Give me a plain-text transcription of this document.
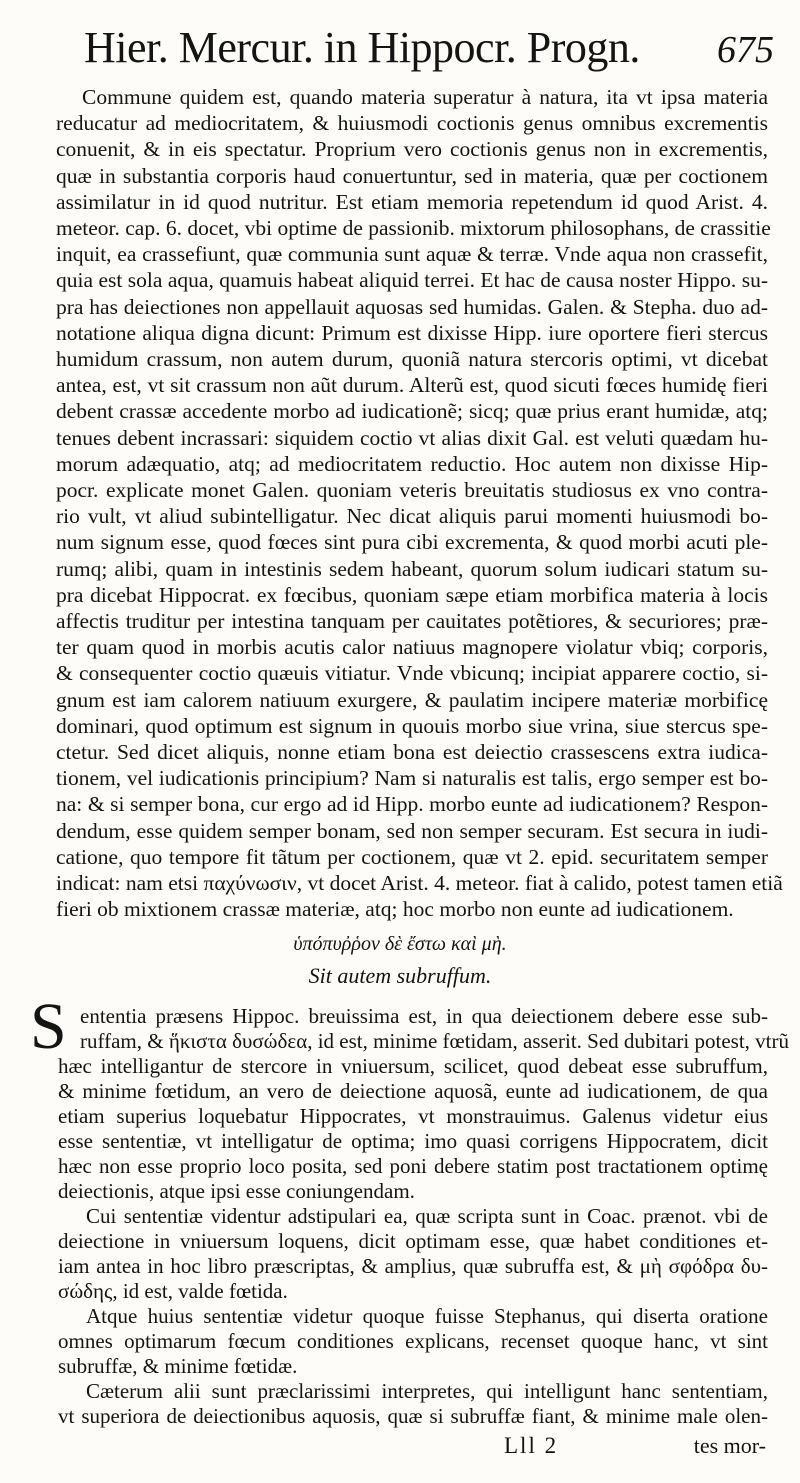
Hier. Mercur. in Hippocr. Progn. 675
Commune quidem est, quando materia superatur à natura, ita vt ipsa materia
reducatur ad mediocritatem, & huiusmodi coctionis genus omnibus excrementis
conuenit, & in eis spectatur. Proprium vero coctionis genus non in excrementis,
quæ in substantia corporis haud conuertuntur, sed in materia, quæ per coctionem
assimilatur in id quod nutritur. Est etiam memoria repetendum id quod Arist. 4.
meteor. cap. 6. docet, vbi optime de passionib. mixtorum philosophans, de crassitie
inquit, ea crassefiunt, quæ communia sunt aquæ & terræ. Vnde aqua non crassefit,
quia est sola aqua, quamuis habeat aliquid terrei. Et hac de causa noster Hippo. su-
pra has deiectiones non appellauit aquosas sed humidas. Galen. & Stepha. duo ad-
notatione aliqua digna dicunt: Primum est dixisse Hipp. iure oportere fieri stercus
humidum crassum, non autem durum, quoniã natura stercoris optimi, vt dicebat
antea, est, vt sit crassum non aũt durum. Alterũ est, quod sicuti fœces humidę fieri
debent crassæ accedente morbo ad iudicationẽ; sicq; quæ prius erant humidæ, atq;
tenues debent incrassari: siquidem coctio vt alias dixit Gal. est veluti quædam hu-
morum adæquatio, atq; ad mediocritatem reductio. Hoc autem non dixisse Hip-
pocr. explicate monet Galen. quoniam veteris breuitatis studiosus ex vno contra-
rio vult, vt aliud subintelligatur. Nec dicat aliquis parui momenti huiusmodi bo-
num signum esse, quod fœces sint pura cibi excrementa, & quod morbi acuti ple-
rumq; alibi, quam in intestinis sedem habeant, quorum solum iudicari statum su-
pra dicebat Hippocrat. ex fœcibus, quoniam sæpe etiam morbifica materia à locis
affectis truditur per intestina tanquam per cauitates potẽtiores, & securiores; præ-
ter quam quod in morbis acutis calor natiuus magnopere violatur vbiq; corporis,
& consequenter coctio quæuis vitiatur. Vnde vbicunq; incipiat apparere coctio, si-
gnum est iam calorem natiuum exurgere, & paulatim incipere materiæ morbificę
dominari, quod optimum est signum in quouis morbo siue vrina, siue stercus spe-
ctetur. Sed dicet aliquis, nonne etiam bona est deiectio crassescens extra iudica-
tionem, vel iudicationis principium? Nam si naturalis est talis, ergo semper est bo-
na: & si semper bona, cur ergo ad id Hipp. morbo eunte ad iudicationem? Respon-
dendum, esse quidem semper bonam, sed non semper securam. Est secura in iudi-
catione, quo tempore fit tãtum per coctionem, quæ vt 2. epid. securitatem semper
indicat: nam etsi παχύνωσιν, vt docet Arist. 4. meteor. fiat à calido, potest tamen etiã
fieri ob mixtionem crassæ materiæ, atq; hoc morbo non eunte ad iudicationem.
ὑπόπυῤῥον δὲ ἔστω καὶ μὴ.
Sit autem subruffum.
S ententia præsens Hippoc. breuissima est, in qua deiectionem debere esse sub-
ruffam, & ἥκιστα δυσώδεα, id est, minime fœtidam, asserit. Sed dubitari potest, vtrũ
hæc intelligantur de stercore in vniuersum, scilicet, quod debeat esse subruffum,
& minime fœtidum, an vero de deiectione aquosã, eunte ad iudicationem, de qua
etiam superius loquebatur Hippocrates, vt monstrauimus. Galenus videtur eius
esse sententiæ, vt intelligatur de optima; imo quasi corrigens Hippocratem, dicit
hæc non esse proprio loco posita, sed poni debere statim post tractationem optimę
deiectionis, atque ipsi esse coniungendam.
Cui sententiæ videntur adstipulari ea, quæ scripta sunt in Coac. prænot. vbi de
deiectione in vniuersum loquens, dicit optimam esse, quæ habet conditiones et-
iam antea in hoc libro præscriptas, & amplius, quæ subruffa est, & μὴ σφόδρα δυ-
σώδης, id est, valde fœtida.
Atque huius sententiæ videtur quoque fuisse Stephanus, qui diserta oratione
omnes optimarum fœcum conditiones explicans, recenset quoque hanc, vt sint
subruffæ, & minime fœtidæ.
Cæterum alii sunt præclarissimi interpretes, qui intelligunt hanc sententiam,
vt superiora de deiectionibus aquosis, quæ si subruffæ fiant, & minime male olen-
Lll 2	tes mor-
